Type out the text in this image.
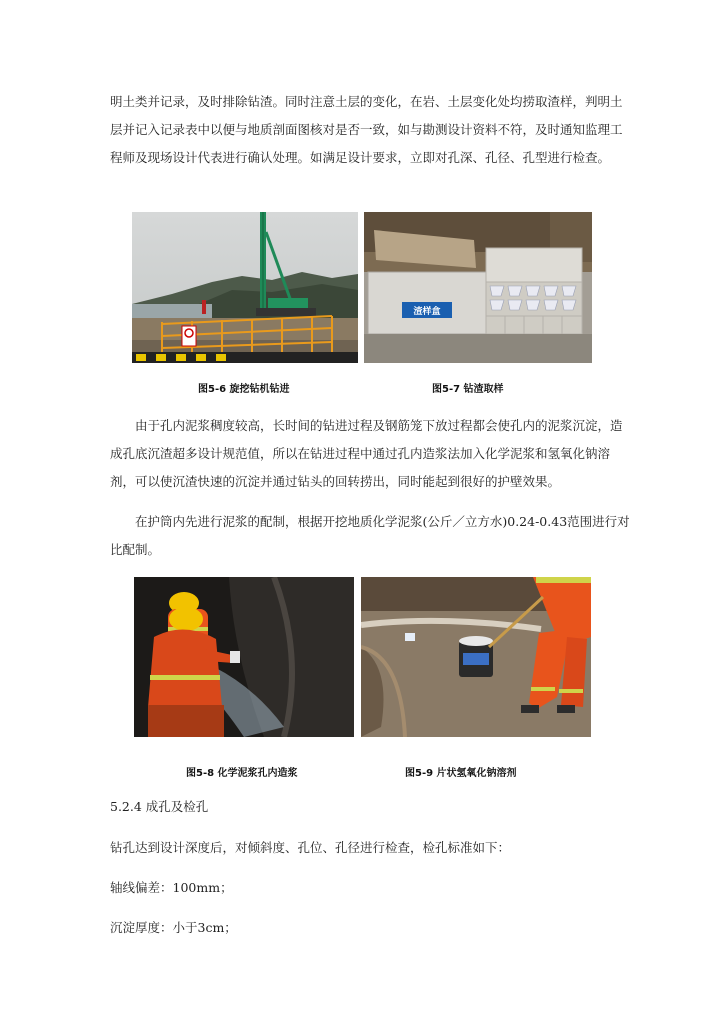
明土类并记录，及时排除钻渣。同时注意土层的变化，在岩、土层变化处均捞取渣样，判明土层并记入记录表中以便与地质剖面图核对是否一致，如与勘测设计资料不符，及时通知监理工程师及现场设计代表进行确认处理。如满足设计要求，立即对孔深、孔径、孔型进行检查。

渣样盒
图5-6 旋挖钻机钻进	图5-7 钻渣取样

由于孔内泥浆稠度较高，长时间的钻进过程及钢筋笼下放过程都会使孔内的泥浆沉淀，造成孔底沉渣超多设计规范值，所以在钻进过程中通过孔内造浆法加入化学泥浆和氢氧化钠溶剂，可以使沉渣快速的沉淀并通过钻头的回转捞出，同时能起到很好的护壁效果。

在护筒内先进行泥浆的配制，根据开挖地质化学泥浆(公斤／立方水)0.24-0.43范围进行对比配制。

图5-8 化学泥浆孔内造浆	图5-9 片状氢氧化钠溶剂
5.2.4 成孔及检孔
钻孔达到设计深度后，对倾斜度、孔位、孔径进行检查，检孔标准如下：
轴线偏差：100mm；
沉淀厚度：小于3cm；
